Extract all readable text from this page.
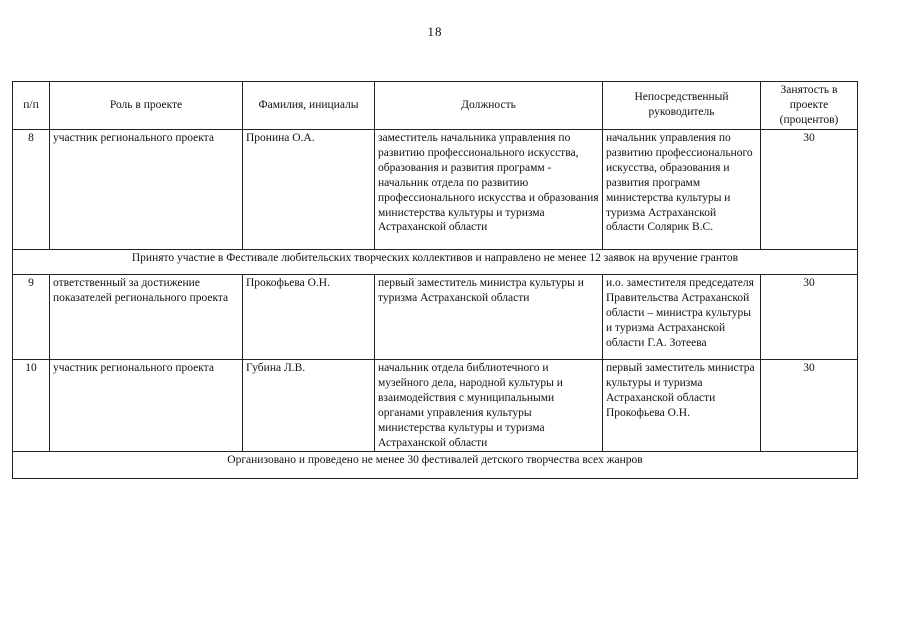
18
п/п	Роль в проекте	Фамилия, инициалы	Должность	Непосредственный руководитель	Занятость в проекте (процентов)
8	участник регионального проекта	Пронина О.А.	заместитель начальника управления по развитию профессионального искусства, образования и развития программ - начальник отдела по развитию профессионального искусства и образования министерства культуры и туризма Астраханской области	начальник управления по развитию профессионального искусства, образования и развития программ министерства культуры и туризма Астраханской области Солярик В.С.	30
Принято участие в Фестивале любительских творческих коллективов и направлено не менее 12 заявок на вручение грантов					
9	ответственный за достижение показателей регионального проекта	Прокофьева О.Н.	первый заместитель министра культуры и туризма Астраханской области	и.о. заместителя председателя Правительства Астраханской области – министра культуры и туризма Астраханской области Г.А. Зотеева	30
10	участник регионального проекта	Губина Л.В.	начальник отдела библиотечного и музейного дела, народной культуры и взаимодействия с муниципальными органами управления культуры министерства культуры и туризма Астраханской области	первый заместитель министра культуры и туризма Астраханской области Прокофьева О.Н.	30
Организовано и проведено не менее 30 фестивалей детского творчества всех жанров					
